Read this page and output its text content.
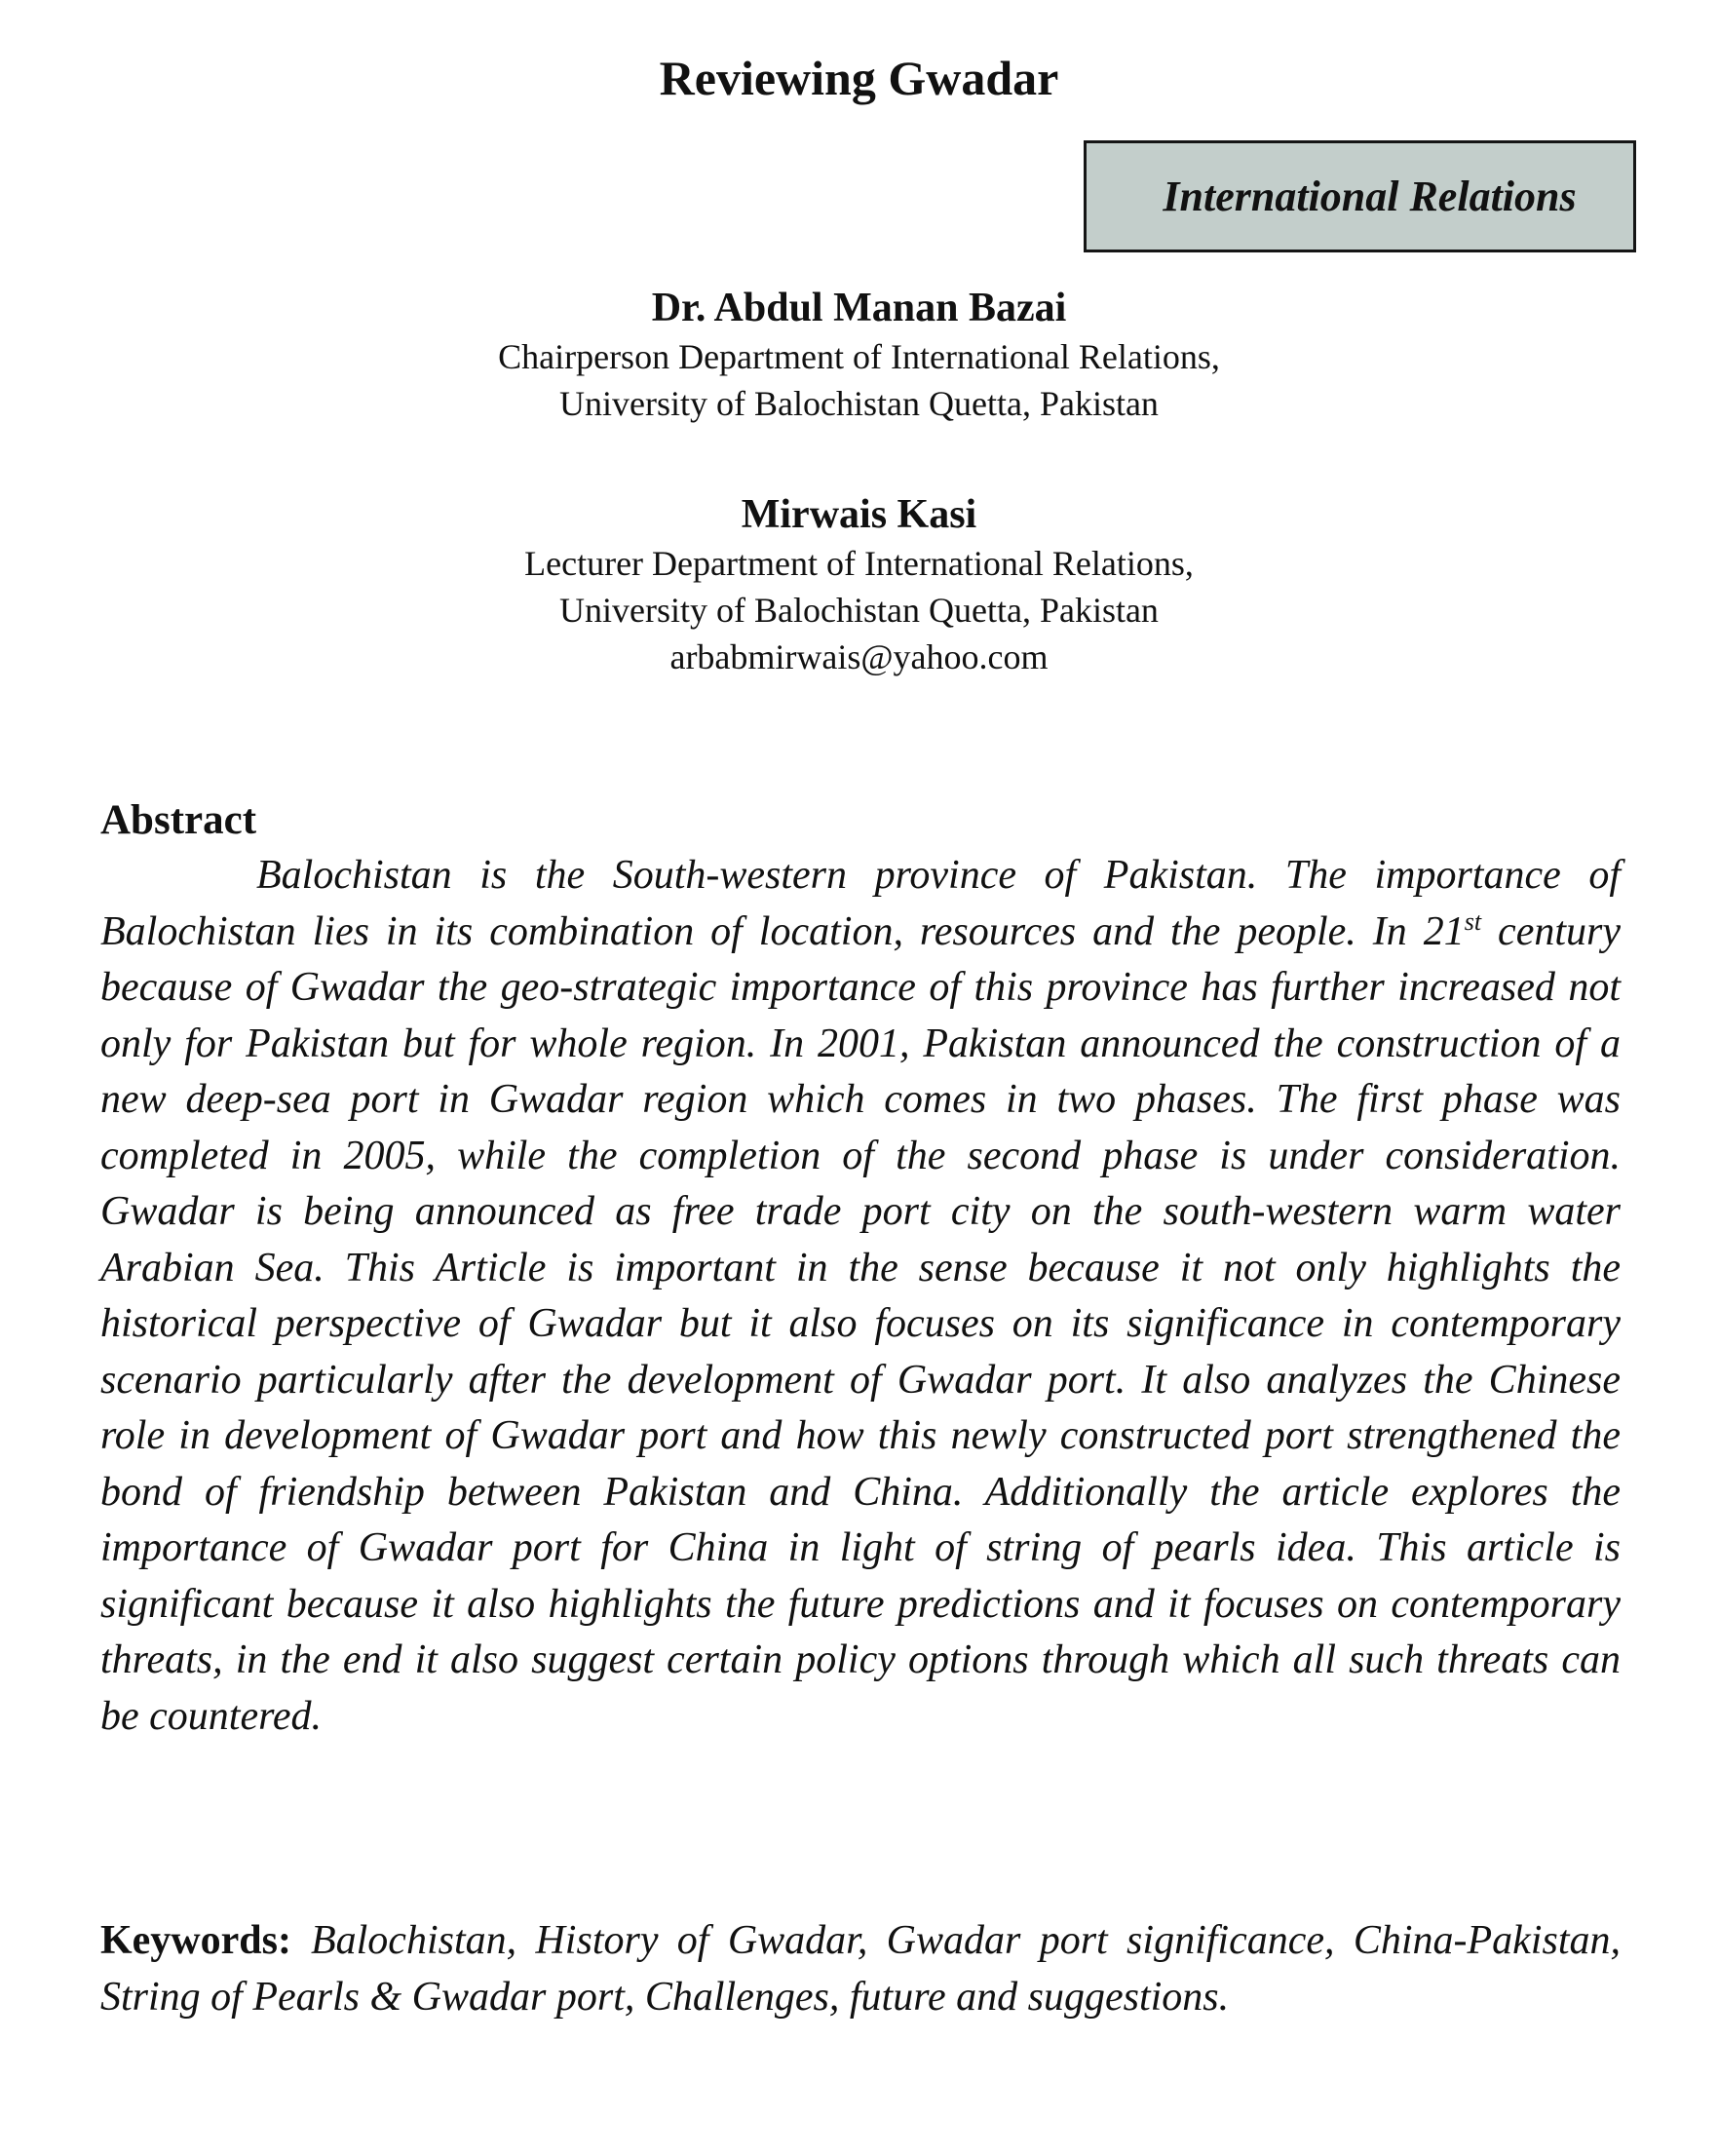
Reviewing Gwadar
International Relations
Dr. Abdul Manan Bazai
Chairperson Department of International Relations,
University of Balochistan Quetta, Pakistan
Mirwais Kasi
Lecturer Department of International Relations,
University of Balochistan Quetta, Pakistan
arbabmirwais@yahoo.com
Abstract
Balochistan is the South-western province of Pakistan. The importance of Balochistan lies in its combination of location, resources and the people. In 21st century because of Gwadar the geo-strategic importance of this province has further increased not only for Pakistan but for whole region. In 2001, Pakistan announced the construction of a new deep-sea port in Gwadar region which comes in two phases. The first phase was completed in 2005, while the completion of the second phase is under consideration. Gwadar is being announced as free trade port city on the south-western warm water Arabian Sea. This Article is important in the sense because it not only highlights the historical perspective of Gwadar but it also focuses on its significance in contemporary scenario particularly after the development of Gwadar port. It also analyzes the Chinese role in development of Gwadar port and how this newly constructed port strengthened the bond of friendship between Pakistan and China. Additionally the article explores the importance of Gwadar port for China in light of string of pearls idea. This article is significant because it also highlights the future predictions and it focuses on contemporary threats, in the end it also suggest certain policy options through which all such threats can be countered.
Keywords: Balochistan, History of Gwadar, Gwadar port significance, China-Pakistan, String of Pearls & Gwadar port, Challenges, future and suggestions.
